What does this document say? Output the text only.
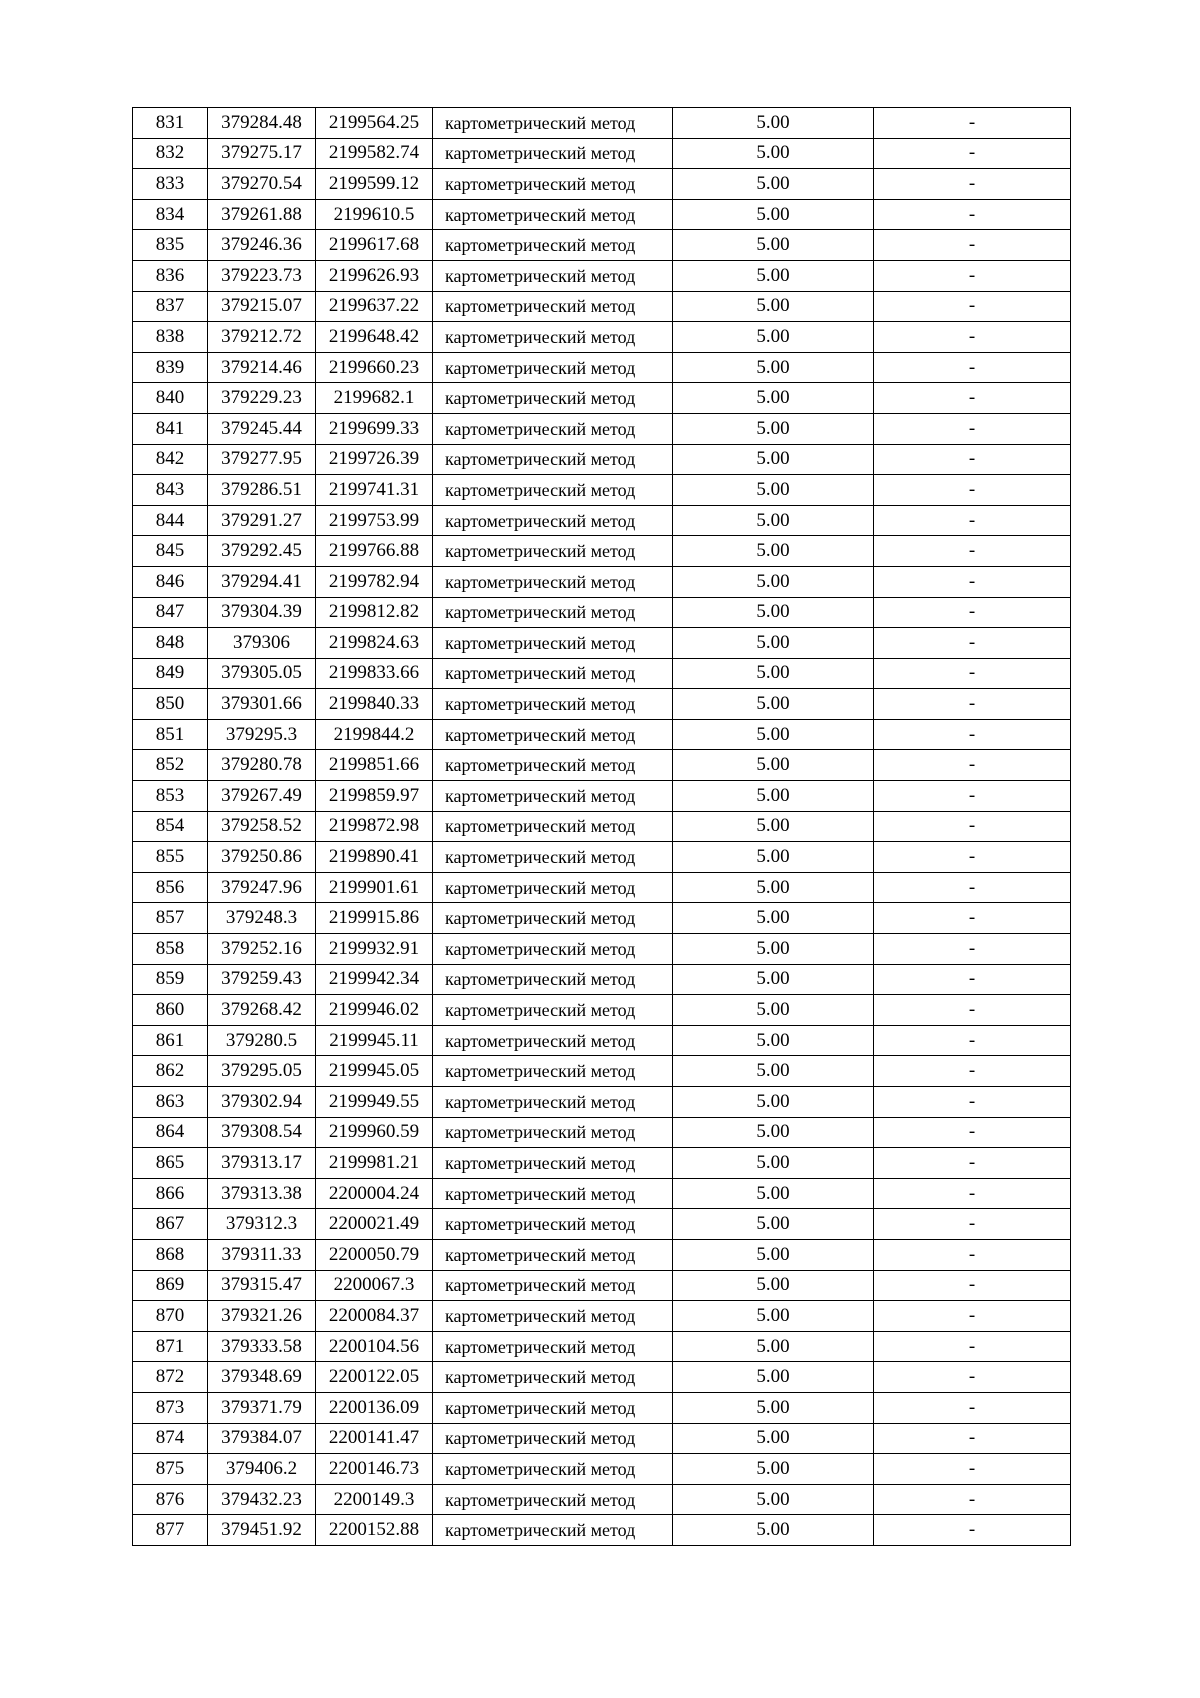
831	379284.48	2199564.25	картометрический метод	5.00	-
832	379275.17	2199582.74	картометрический метод	5.00	-
833	379270.54	2199599.12	картометрический метод	5.00	-
834	379261.88	2199610.5	картометрический метод	5.00	-
835	379246.36	2199617.68	картометрический метод	5.00	-
836	379223.73	2199626.93	картометрический метод	5.00	-
837	379215.07	2199637.22	картометрический метод	5.00	-
838	379212.72	2199648.42	картометрический метод	5.00	-
839	379214.46	2199660.23	картометрический метод	5.00	-
840	379229.23	2199682.1	картометрический метод	5.00	-
841	379245.44	2199699.33	картометрический метод	5.00	-
842	379277.95	2199726.39	картометрический метод	5.00	-
843	379286.51	2199741.31	картометрический метод	5.00	-
844	379291.27	2199753.99	картометрический метод	5.00	-
845	379292.45	2199766.88	картометрический метод	5.00	-
846	379294.41	2199782.94	картометрический метод	5.00	-
847	379304.39	2199812.82	картометрический метод	5.00	-
848	379306	2199824.63	картометрический метод	5.00	-
849	379305.05	2199833.66	картометрический метод	5.00	-
850	379301.66	2199840.33	картометрический метод	5.00	-
851	379295.3	2199844.2	картометрический метод	5.00	-
852	379280.78	2199851.66	картометрический метод	5.00	-
853	379267.49	2199859.97	картометрический метод	5.00	-
854	379258.52	2199872.98	картометрический метод	5.00	-
855	379250.86	2199890.41	картометрический метод	5.00	-
856	379247.96	2199901.61	картометрический метод	5.00	-
857	379248.3	2199915.86	картометрический метод	5.00	-
858	379252.16	2199932.91	картометрический метод	5.00	-
859	379259.43	2199942.34	картометрический метод	5.00	-
860	379268.42	2199946.02	картометрический метод	5.00	-
861	379280.5	2199945.11	картометрический метод	5.00	-
862	379295.05	2199945.05	картометрический метод	5.00	-
863	379302.94	2199949.55	картометрический метод	5.00	-
864	379308.54	2199960.59	картометрический метод	5.00	-
865	379313.17	2199981.21	картометрический метод	5.00	-
866	379313.38	2200004.24	картометрический метод	5.00	-
867	379312.3	2200021.49	картометрический метод	5.00	-
868	379311.33	2200050.79	картометрический метод	5.00	-
869	379315.47	2200067.3	картометрический метод	5.00	-
870	379321.26	2200084.37	картометрический метод	5.00	-
871	379333.58	2200104.56	картометрический метод	5.00	-
872	379348.69	2200122.05	картометрический метод	5.00	-
873	379371.79	2200136.09	картометрический метод	5.00	-
874	379384.07	2200141.47	картометрический метод	5.00	-
875	379406.2	2200146.73	картометрический метод	5.00	-
876	379432.23	2200149.3	картометрический метод	5.00	-
877	379451.92	2200152.88	картометрический метод	5.00	-
